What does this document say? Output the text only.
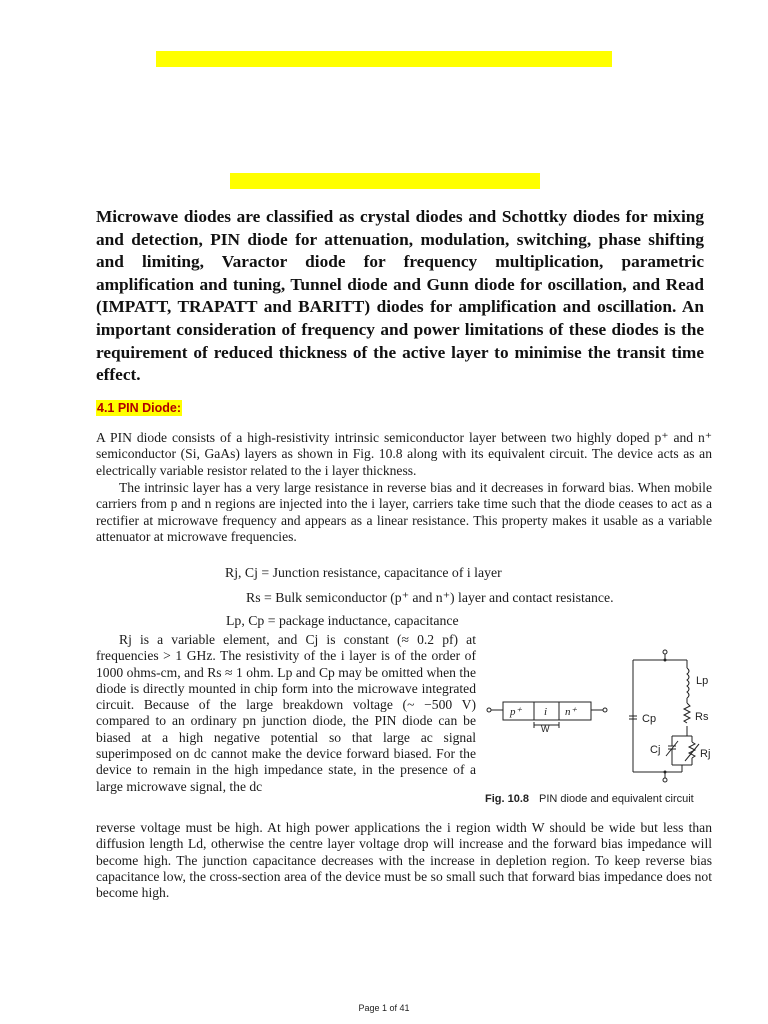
Microwave diodes are classified as crystal diodes and Schottky diodes for mixing and detection, PIN diode for attenuation, modulation, switching, phase shifting and limiting, Varactor diode for frequency multiplication, parametric amplification and tuning, Tunnel diode and Gunn diode for oscillation, and Read (IMPATT, TRAPATT and BARITT) diodes for amplification and oscillation. An important consideration of frequency and power limitations of these diodes is the requirement of reduced thickness of the active layer to minimise the transit time effect.

4.1 PIN Diode:

A PIN diode consists of a high-resistivity intrinsic semiconductor layer between two highly doped p⁺ and n⁺ semiconductor (Si, GaAs) layers as shown in Fig. 10.8 along with its equivalent circuit. The device acts as an electrically variable resistor related to the i layer thickness.

The intrinsic layer has a very large resistance in reverse bias and it decreases in forward bias. When mobile carriers from p and n regions are injected into the i layer, carriers take time such that the diode ceases to act as a rectifier at microwave frequency and appears as a linear resistance. This property makes it usable as a variable attenuator at microwave frequencies.

Rj, Cj = Junction resistance, capacitance of i layer

Rs = Bulk semiconductor (p⁺ and n⁺) layer and contact resistance.

Lp, Cp = package inductance, capacitance

Rj is a variable element, and Cj is constant (≈ 0.2 pf) at frequencies > 1 GHz. The resistivity of the i layer is of the order of 1000 ohms-cm, and Rs ≈ 1 ohm. Lp and Cp may be omitted when the diode is directly mounted in chip form into the microwave integrated circuit. Because of the large breakdown voltage (~ −500 V) compared to an ordinary pn junction diode, the PIN diode can be biased at a high negative potential so that large ac signal superimposed on dc cannot make the device forward biased. For the device to remain in the high impedance state, in the presence of a large microwave signal, the dc

p⁺ i n⁺
W
Lp
Rs
Cp
Cj	Rj

Fig. 10.8 PIN diode and equivalent circuit

reverse voltage must be high. At high power applications the i region width W should be wide but less than diffusion length Ld, otherwise the centre layer voltage drop will increase and the forward bias impedance will become high. The junction capacitance decreases with the increase in depletion region. To keep reverse bias capacitance low, the cross-section area of the device must be so small such that forward bias impedance does not become high.

Page 1 of 41
